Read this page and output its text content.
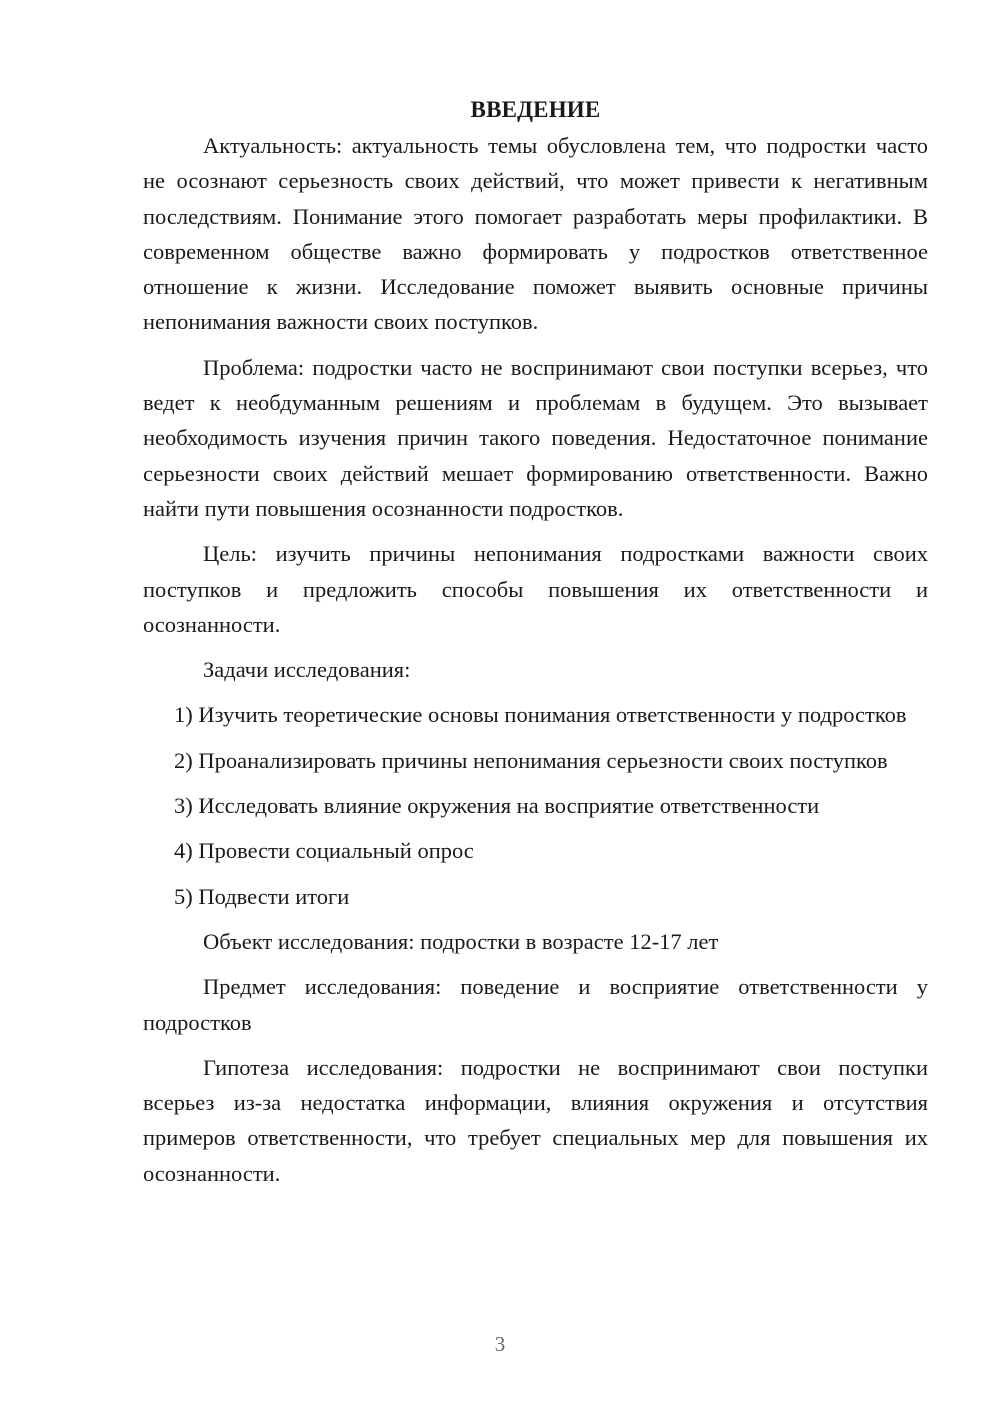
ВВЕДЕНИЕ

Актуальность: актуальность темы обусловлена тем, что подростки часто не осознают серьезность своих действий, что может привести к негативным последствиям. Понимание этого помогает разработать меры профилактики. В современном обществе важно формировать у подростков ответственное отношение к жизни. Исследование поможет выявить основные причины непонимания важности своих поступков.

Проблема: подростки часто не воспринимают свои поступки всерьез, что ведет к необдуманным решениям и проблемам в будущем. Это вызывает необходимость изучения причин такого поведения. Недостаточное понимание серьезности своих действий мешает формированию ответственности. Важно найти пути повышения осознанности подростков.

Цель: изучить причины непонимания подростками важности своих поступков и предложить способы повышения их ответственности и осознанности.

Задачи исследования:

1) Изучить теоретические основы понимания ответственности у подростков

2) Проанализировать причины непонимания серьезности своих поступков

3) Исследовать влияние окружения на восприятие ответственности

4) Провести социальный опрос

5) Подвести итоги

Объект исследования: подростки в возрасте 12-17 лет

Предмет исследования: поведение и восприятие ответственности у подростков

Гипотеза исследования: подростки не воспринимают свои поступки всерьез из-за недостатка информации, влияния окружения и отсутствия примеров ответственности, что требует специальных мер для повышения их осознанности.

3
